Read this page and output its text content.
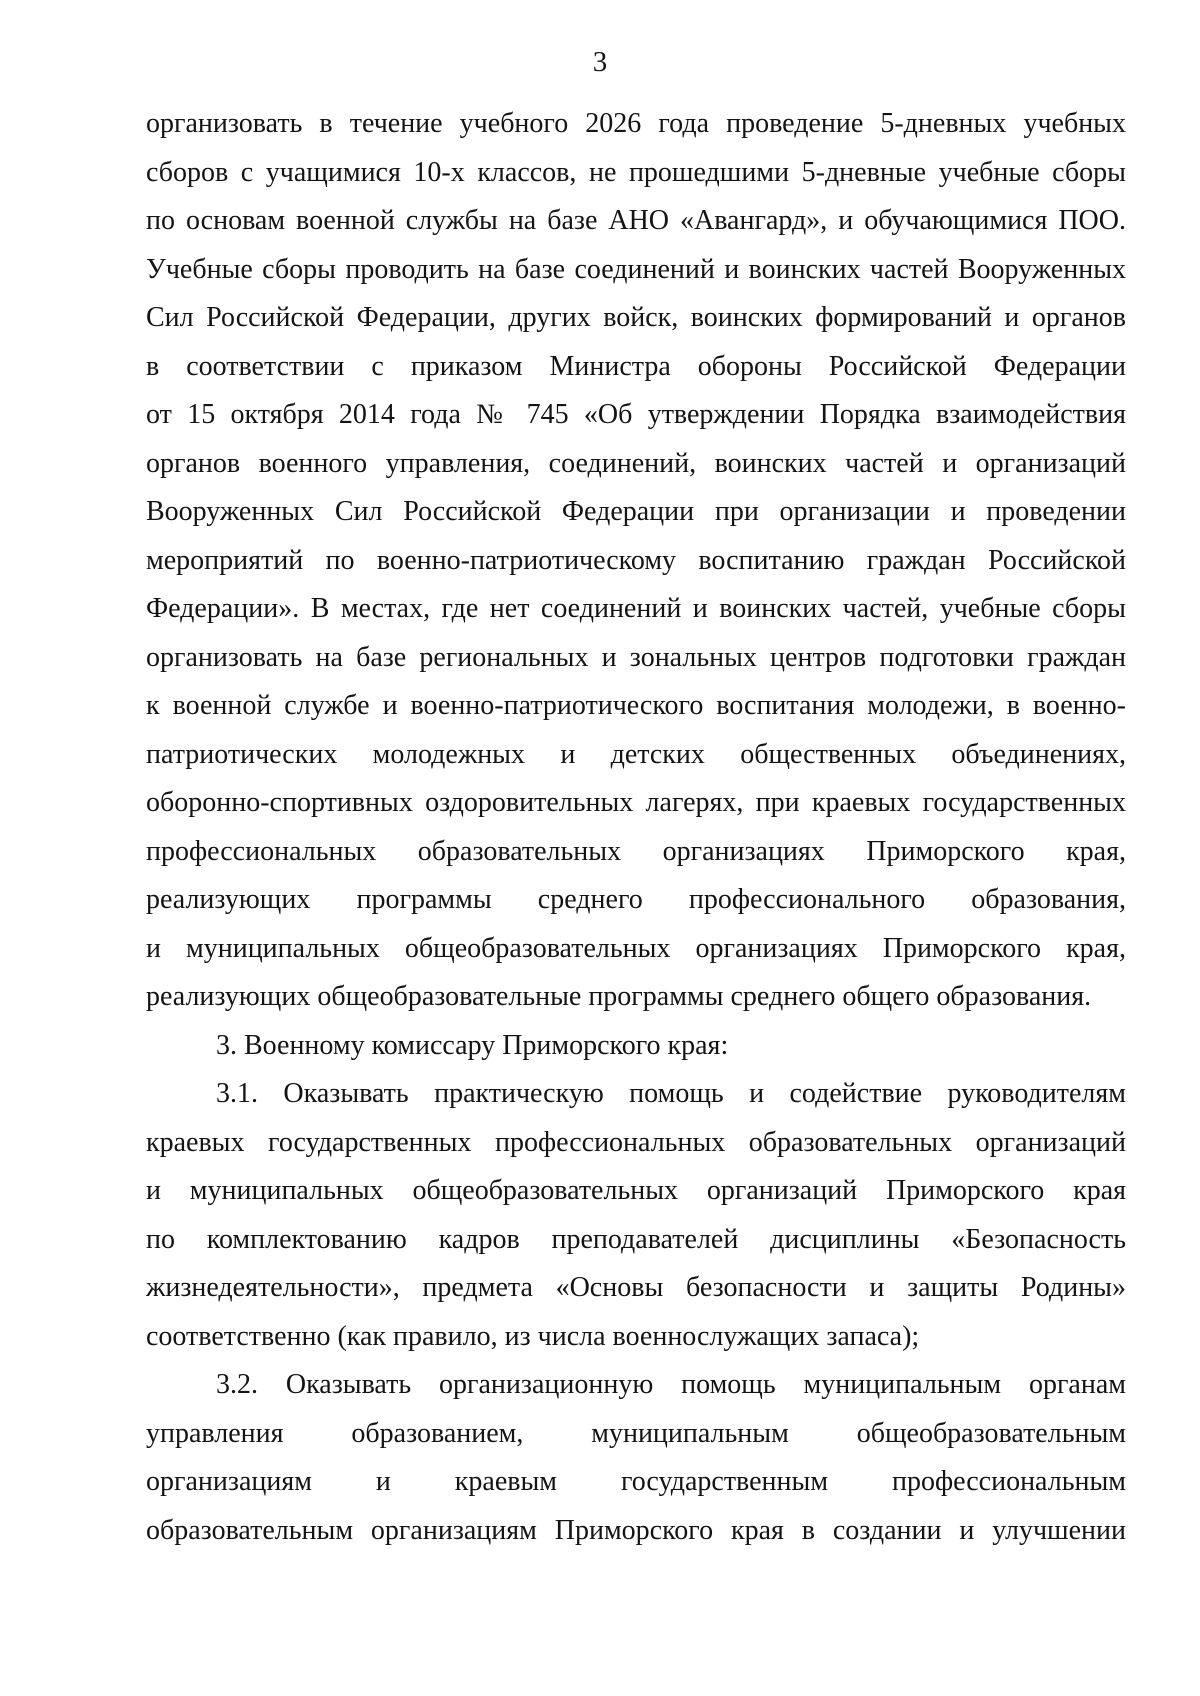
3
организовать в течение учебного 2026 года проведение 5-дневных учебных
сборов с учащимися 10-х классов, не прошедшими 5-дневные учебные сборы
по основам военной службы на базе АНО «Авангард», и обучающимися ПОО.
Учебные сборы проводить на базе соединений и воинских частей Вооруженных
Сил Российской Федерации, других войск, воинских формирований и органов
в соответствии с приказом Министра обороны Российской Федерации
от 15 октября 2014 года № 745 «Об утверждении Порядка взаимодействия
органов военного управления, соединений, воинских частей и организаций
Вооруженных Сил Российской Федерации при организации и проведении
мероприятий по военно-патриотическому воспитанию граждан Российской
Федерации». В местах, где нет соединений и воинских частей, учебные сборы
организовать на базе региональных и зональных центров подготовки граждан
к военной службе и военно-патриотического воспитания молодежи, в военно-
патриотических молодежных и детских общественных объединениях,
оборонно-спортивных оздоровительных лагерях, при краевых государственных
профессиональных образовательных организациях Приморского края,
реализующих программы среднего профессионального образования,
и муниципальных общеобразовательных организациях Приморского края,
реализующих общеобразовательные программы среднего общего образования.
3. Военному комиссару Приморского края:
3.1. Оказывать практическую помощь и содействие руководителям
краевых государственных профессиональных образовательных организаций
и муниципальных общеобразовательных организаций Приморского края
по комплектованию кадров преподавателей дисциплины «Безопасность
жизнедеятельности», предмета «Основы безопасности и защиты Родины»
соответственно (как правило, из числа военнослужащих запаса);
3.2. Оказывать организационную помощь муниципальным органам
управления образованием, муниципальным общеобразовательным
организациям и краевым государственным профессиональным
образовательным организациям Приморского края в создании и улучшении
